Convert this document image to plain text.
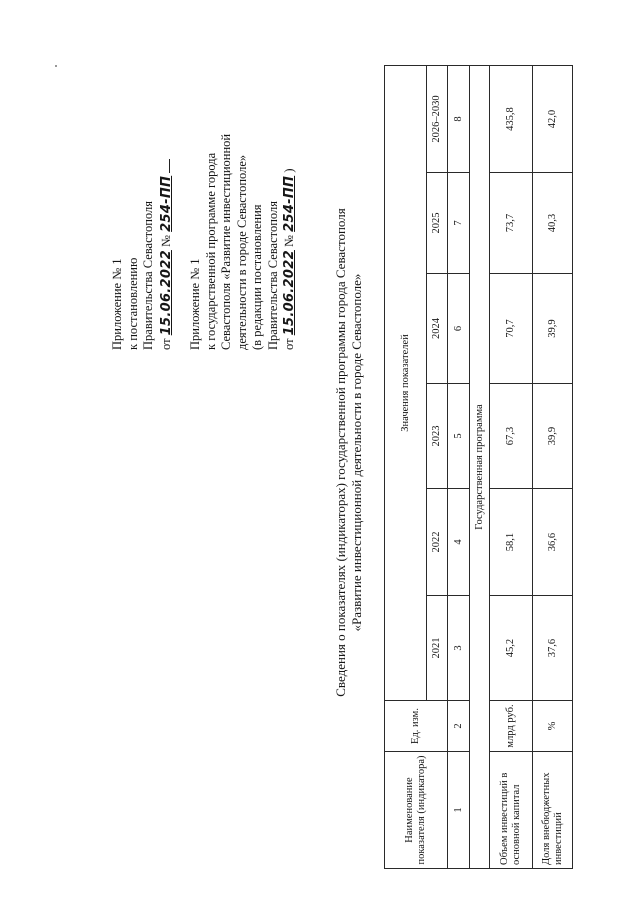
Приложение № 1 к постановлению Правительства Севастополя от 15.06.2022 № 254-ПП
Приложение № 1 к государственной программе города Севастополя «Развитие инвестиционной деятельности в городе Севастополе» (в редакции постановления Правительства Севастополя от 15.06.2022 № 254-ПП )
Сведения о показателях (индикаторах) государственной программы города Севастополя «Развитие инвестиционной деятельности в городе Севастополе»
Наименование показателя (индикатора)	Ед. изм.	Значения показателей					
		2021	2022	2023	2024	2025	2026–2030
1	2	3	4	5	6	7	8
Государственная программа							
Объем инвестиций в основной капитал	млрд руб.	45,2	58,1	67,3	70,7	73,7	435,8
Доля внебюджетных инвестиций	%	37,6	36,6	39,9	39,9	40,3	42,0
